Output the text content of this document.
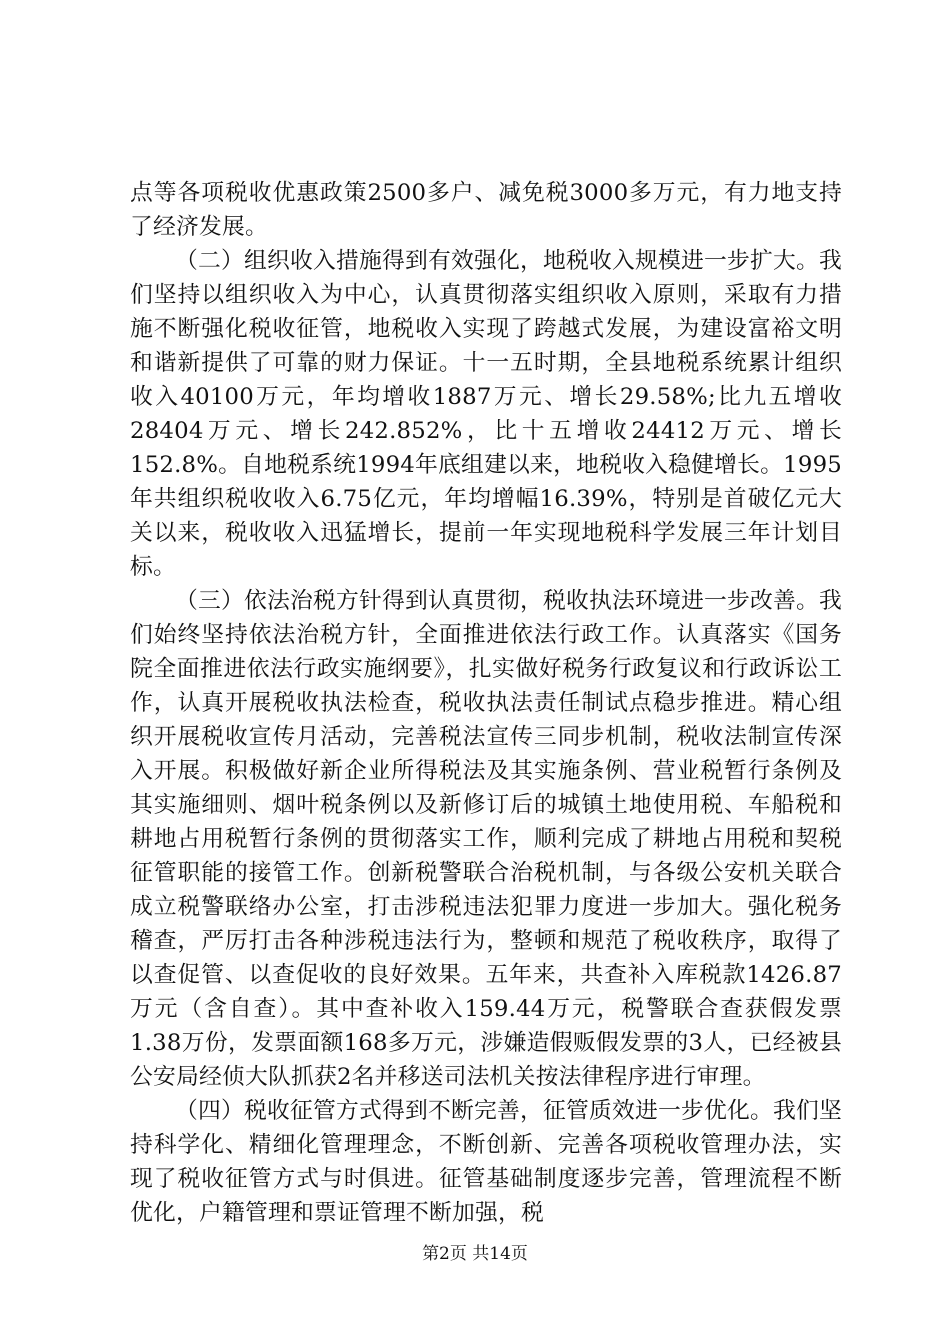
点等各项税收优惠政策2500多户、减免税3000多万元，有力地支持了经济发展。

（二）组织收入措施得到有效强化，地税收入规模进一步扩大。我们坚持以组织收入为中心，认真贯彻落实组织收入原则，采取有力措施不断强化税收征管，地税收入实现了跨越式发展，为建设富裕文明和谐新提供了可靠的财力保证。十一五时期，全县地税系统累计组织收入40100万元，年均增收1887万元、增长29.58%;比九五增收28404万元、增长242.852%，比十五增收24412万元、增长152.8%。自地税系统1994年底组建以来，地税收入稳健增长。1995年共组织税收收入6.75亿元，年均增幅16.39%，特别是首破亿元大关以来，税收收入迅猛增长，提前一年实现地税科学发展三年计划目标。

（三）依法治税方针得到认真贯彻，税收执法环境进一步改善。我们始终坚持依法治税方针，全面推进依法行政工作。认真落实《国务院全面推进依法行政实施纲要》，扎实做好税务行政复议和行政诉讼工作，认真开展税收执法检查，税收执法责任制试点稳步推进。精心组织开展税收宣传月活动，完善税法宣传三同步机制，税收法制宣传深入开展。积极做好新企业所得税法及其实施条例、营业税暂行条例及其实施细则、烟叶税条例以及新修订后的城镇土地使用税、车船税和耕地占用税暂行条例的贯彻落实工作，顺利完成了耕地占用税和契税征管职能的接管工作。创新税警联合治税机制，与各级公安机关联合成立税警联络办公室，打击涉税违法犯罪力度进一步加大。强化税务稽查，严厉打击各种涉税违法行为，整顿和规范了税收秩序，取得了以查促管、以查促收的良好效果。五年来，共查补入库税款1426.87万元（含自查）。其中查补收入159.44万元，税警联合查获假发票1.38万份，发票面额168多万元，涉嫌造假贩假发票的3人，已经被县公安局经侦大队抓获2名并移送司法机关按法律程序进行审理。

（四）税收征管方式得到不断完善，征管质效进一步优化。我们坚持科学化、精细化管理理念，不断创新、完善各项税收管理办法，实现了税收征管方式与时俱进。征管基础制度逐步完善，管理流程不断优化，户籍管理和票证管理不断加强，税

第2页 共14页
